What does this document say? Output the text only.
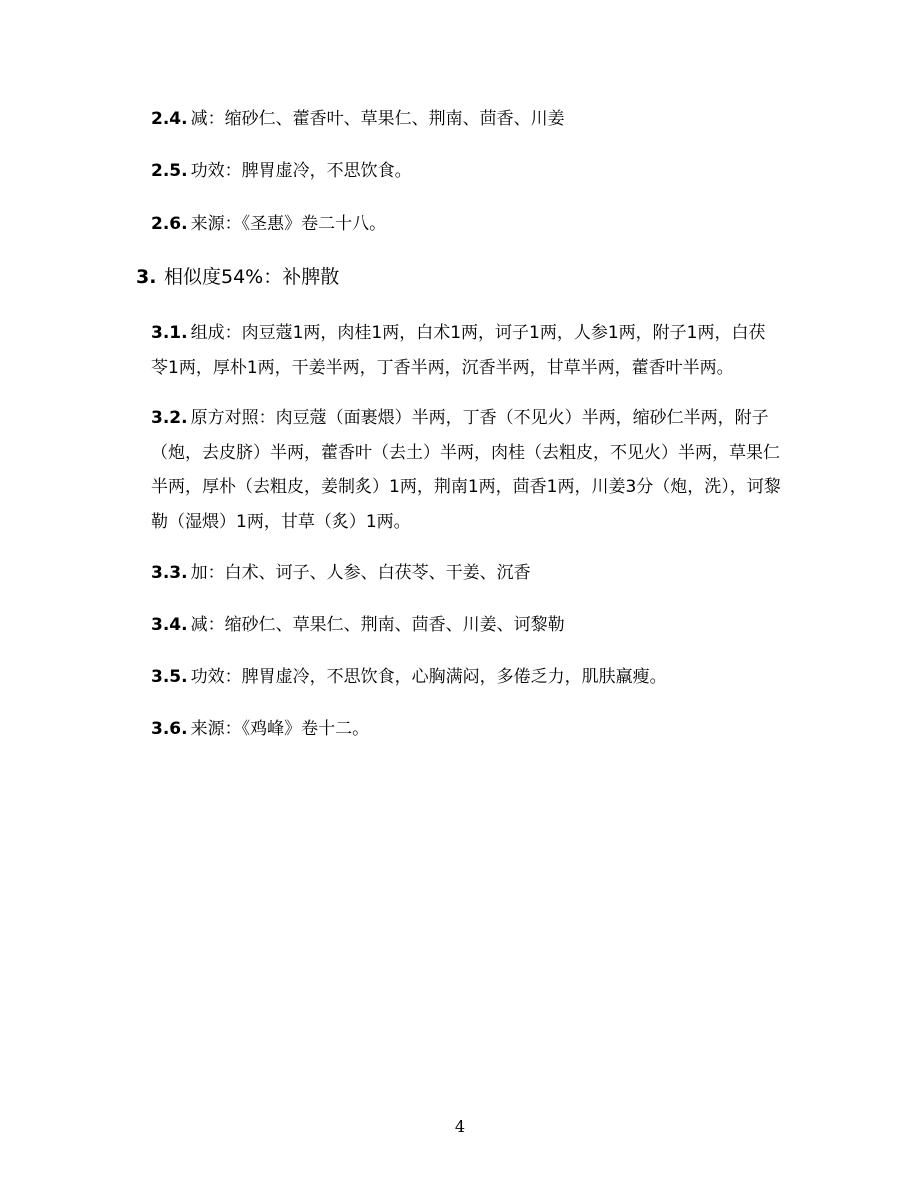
2.4. 减：缩砂仁、藿香叶、草果仁、荆南、茴香、川姜

2.5. 功效：脾胃虚冷，不思饮食。

2.6. 来源：《圣惠》卷二十八。

3. 相似度54%：补脾散

3.1. 组成：肉豆蔻1两，肉桂1两，白术1两，诃子1两，人参1两，附子1两，白茯苓1两，厚朴1两，干姜半两，丁香半两，沉香半两，甘草半两，藿香叶半两。

3.2. 原方对照：肉豆蔻（面裹煨）半两，丁香（不见火）半两，缩砂仁半两，附子（炮，去皮脐）半两，藿香叶（去土）半两，肉桂（去粗皮，不见火）半两，草果仁半两，厚朴（去粗皮，姜制炙）1两，荆南1两，茴香1两，川姜3分（炮，洗），诃黎勒（湿煨）1两，甘草（炙）1两。

3.3. 加：白术、诃子、人参、白茯苓、干姜、沉香

3.4. 减：缩砂仁、草果仁、荆南、茴香、川姜、诃黎勒

3.5. 功效：脾胃虚冷，不思饮食，心胸满闷，多倦乏力，肌肤羸瘦。

3.6. 来源：《鸡峰》卷十二。

4
